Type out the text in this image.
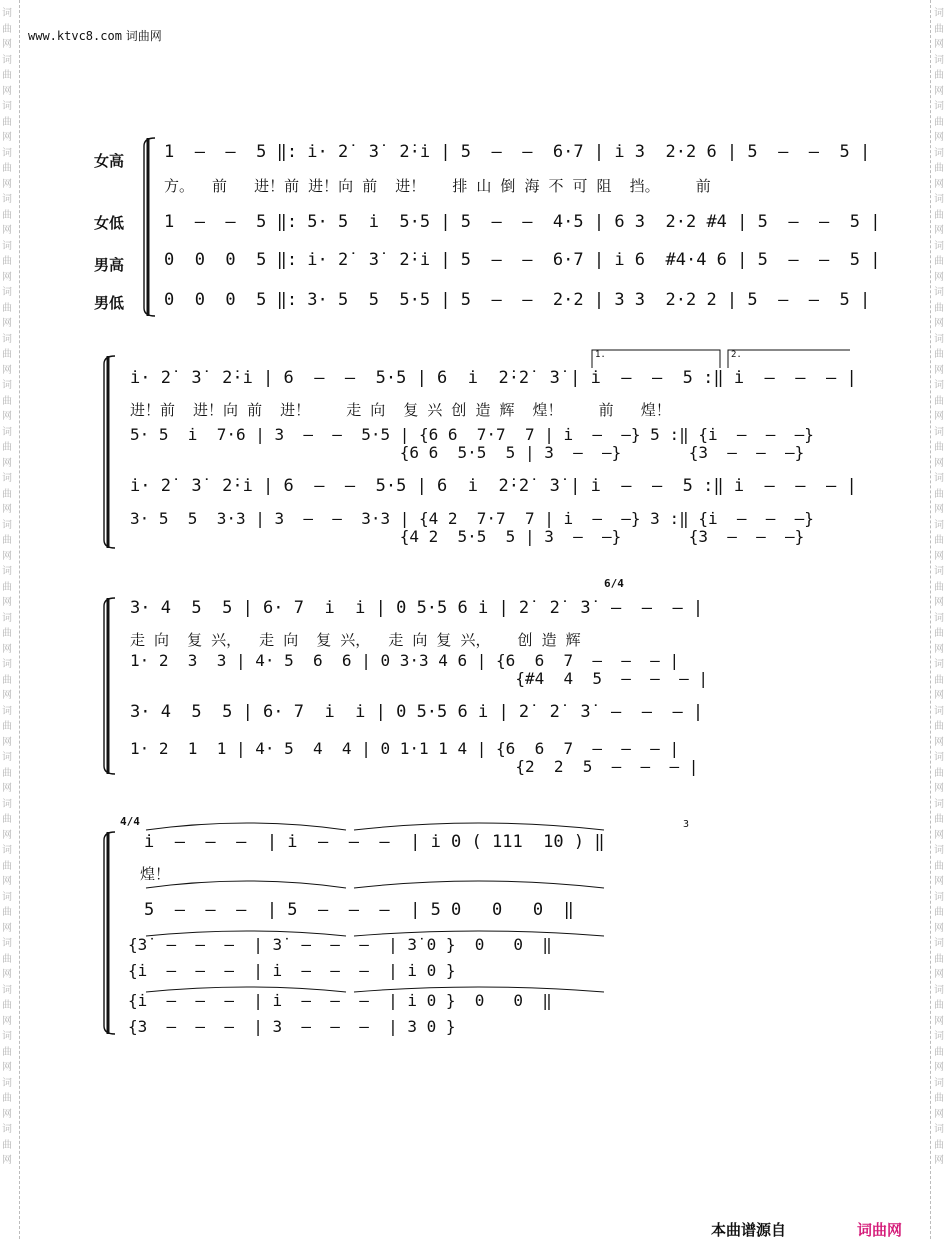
词曲网词曲网词曲网词曲网词曲网词曲网词曲网词曲网词曲网词曲网词曲网词曲网词曲网词曲网词曲网词曲网词曲网词曲网词曲网词曲网词曲网词曲网词曲网词曲网词曲网
词曲网词曲网词曲网词曲网词曲网词曲网词曲网词曲网词曲网词曲网词曲网词曲网词曲网词曲网词曲网词曲网词曲网词曲网词曲网词曲网词曲网词曲网词曲网词曲网词曲网
www.ktvc8.com 词曲网
女高
女低
男高
男低
1  ‒  ‒  5 ‖: i̇· 2̇  3̇  2̇·i̇ | 5  ‒  ‒  6·7 | i̇ 3  2·2 6 | 5  ‒  ‒  5 |
方。  前   进！前 进！向 前  进！   排 山 倒 海 不 可 阻  挡。    前
1  ‒  ‒  5 ‖: 5· 5  i̇  5·5 | 5  ‒  ‒  4·5 | 6 3  2·2 #4 | 5  ‒  ‒  5 |
0  0  0  5 ‖: i̇· 2̇  3̇  2̇·i̇ | 5  ‒  ‒  6·7 | i̇ 6  #4·4 6 | 5  ‒  ‒  5 |
0  0  0  5 ‖: 3· 5  5  5·5 | 5  ‒  ‒  2·2 | 3 3  2·2 2 | 5  ‒  ‒  5 |
1.	2.
i̇· 2̇  3̇  2̇·i̇ | 6  ‒  ‒  5·5 | 6  i̇  2̇·2̇  3̇ | i̇  ‒  ‒  5 :‖ i̇  ‒  ‒  ‒ |
进！前  进！向 前  进！    走 向  复 兴 创 造 辉  煌！    前   煌！
5· 5  i̇  7·6 | 3  ‒  ‒  5·5 | {6 6  7·7  7 | i̇  ‒  ‒} 5 :‖ {i̇  ‒  ‒  ‒}
{6 6  5·5  5 | 3  ‒  ‒}       {3  ‒  ‒  ‒}
i̇· 2̇  3̇  2̇·i̇ | 6  ‒  ‒  5·5 | 6  i̇  2̇·2̇  3̇ | i̇  ‒  ‒  5 :‖ i̇  ‒  ‒  ‒ |
3· 5  5  3·3 | 3  ‒  ‒  3·3 | {4 2  7·7  7 | i̇  ‒  ‒} 3 :‖ {i̇  ‒  ‒  ‒}
{4 2  5·5  5 | 3  ‒  ‒}       {3  ‒  ‒  ‒}
6/4
3· 4  5  5 | 6· 7  i̇  i̇ | 0 5·5 6 i̇ | 2̇  2̇  3̇  ‒  ‒  ‒ |
走 向  复 兴，  走 向  复 兴，  走 向 复 兴，   创 造 辉
1· 2  3  3 | 4· 5  6  6 | 0 3·3 4 6 | {6  6  7  ‒  ‒  ‒ |
{#4  4  5  ‒  ‒  ‒ |
3· 4  5  5 | 6· 7  i̇  i̇ | 0 5·5 6 i̇ | 2̇  2̇  3̇  ‒  ‒  ‒ |
1· 2  1  1 | 4· 5  4  4 | 0 1·1 1 4 | {6  6  7  ‒  ‒  ‒ |
{2  2  5  ‒  ‒  ‒ |
4/4	3
i̇  ‒  ‒  ‒  | i̇  ‒  ‒  ‒  | i̇ 0 ( 111  10 ) ‖
煌！
5  ‒  ‒  ‒  | 5  ‒  ‒  ‒  | 5 0   0   0  ‖
{3̇  ‒  ‒  ‒  | 3̇  ‒  ‒  ‒  | 3̇ 0 }  0   0  ‖
{i̇  ‒  ‒  ‒  | i̇  ‒  ‒  ‒  | i̇ 0 }
{i̇  ‒  ‒  ‒  | i̇  ‒  ‒  ‒  | i̇ 0 }  0   0  ‖
{3  ‒  ‒  ‒  | 3  ‒  ‒  ‒  | 3 0 }
本曲谱源自	词曲网
